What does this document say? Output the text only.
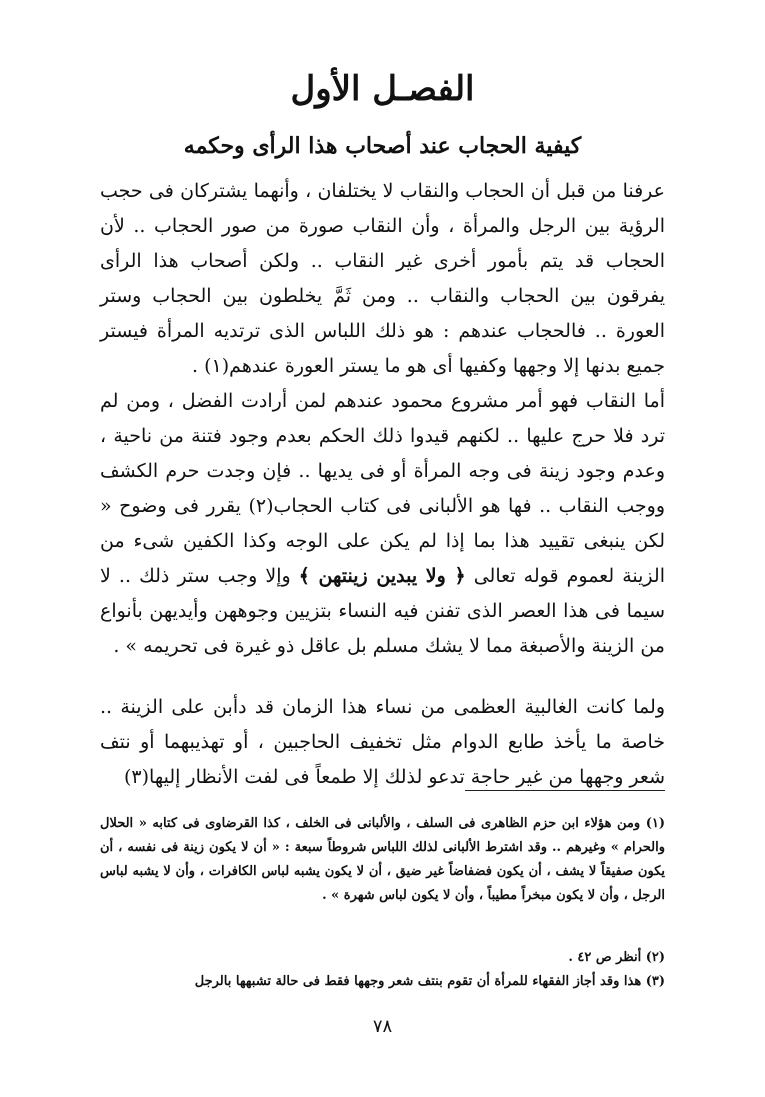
الفصـل الأول
كيفية الحجاب عند أصحاب هذا الرأى وحكمه

عرفنا من قبل أن الحجاب والنقاب لا يختلفان ، وأنهما يشتركان فى حجب الرؤية بين الرجل والمرأة ، وأن النقاب صورة من صور الحجاب .. لأن الحجاب قد يتم بأمور أخرى غير النقاب .. ولكن أصحاب هذا الرأى يفرقون بين الحجاب والنقاب .. ومن ثَمَّ يخلطون بين الحجاب وستر العورة .. فالحجاب عندهم : هو ذلك اللباس الذى ترتديه المرأة فيستر جميع بدنها إلا وجهها وكفيها أى هو ما يستر العورة عندهم(١) .

أما النقاب فهو أمر مشروع محمود عندهم لمن أرادت الفضل ، ومن لم ترد فلا حرج عليها .. لكنهم قيدوا ذلك الحكم بعدم وجود فتنة من ناحية ، وعدم وجود زينة فى وجه المرأة أو فى يديها .. فإن وجدت حرم الكشف ووجب النقاب .. فها هو الألبانى فى كتاب الحجاب(٢) يقرر فى وضوح « لكن ينبغى تقييد هذا بما إذا لم يكن على الوجه وكذا الكفين شىء من الزينة لعموم قوله تعالى ﴿ ولا يبدين زينتهن ﴾ وإلا وجب ستر ذلك .. لا سيما فى هذا العصر الذى تفنن فيه النساء بتزيين وجوههن وأيديهن بأنواع من الزينة والأصبغة مما لا يشك مسلم بل عاقل ذو غيرة فى تحريمه » .

ولما كانت الغالبية العظمى من نساء هذا الزمان قد دأبن على الزينة .. خاصة ما يأخذ طابع الدوام مثل تخفيف الحاجبين ، أو تهذيبهما أو نتف شعر وجهها من غير حاجة تدعو لذلك إلا طمعاً فى لفت الأنظار إليها(٣)

(١) ومن هؤلاء ابن حزم الظاهرى فى السلف ، والألبانى فى الخلف ، كذا القرضاوى فى كتابه « الحلال والحرام » وغيرهم .. وقد اشترط الألبانى لذلك اللباس شروطاً سبعة : « أن لا يكون زينة فى نفسه ، أن يكون صفيقاً لا يشف ، أن يكون فضفاضاً غير ضيق ، أن لا يكون يشبه لباس الكافرات ، وأن لا يشبه لباس الرجل ، وأن لا يكون مبخراً مطيباً ، وأن لا يكون لباس شهرة » .

(٢) أنظر ص ٤٢ .

(٣) هذا وقد أجاز الفقهاء للمرأة أن تقوم بنتف شعر وجهها فقط فى حالة تشبهها بالرجل

٧٨
